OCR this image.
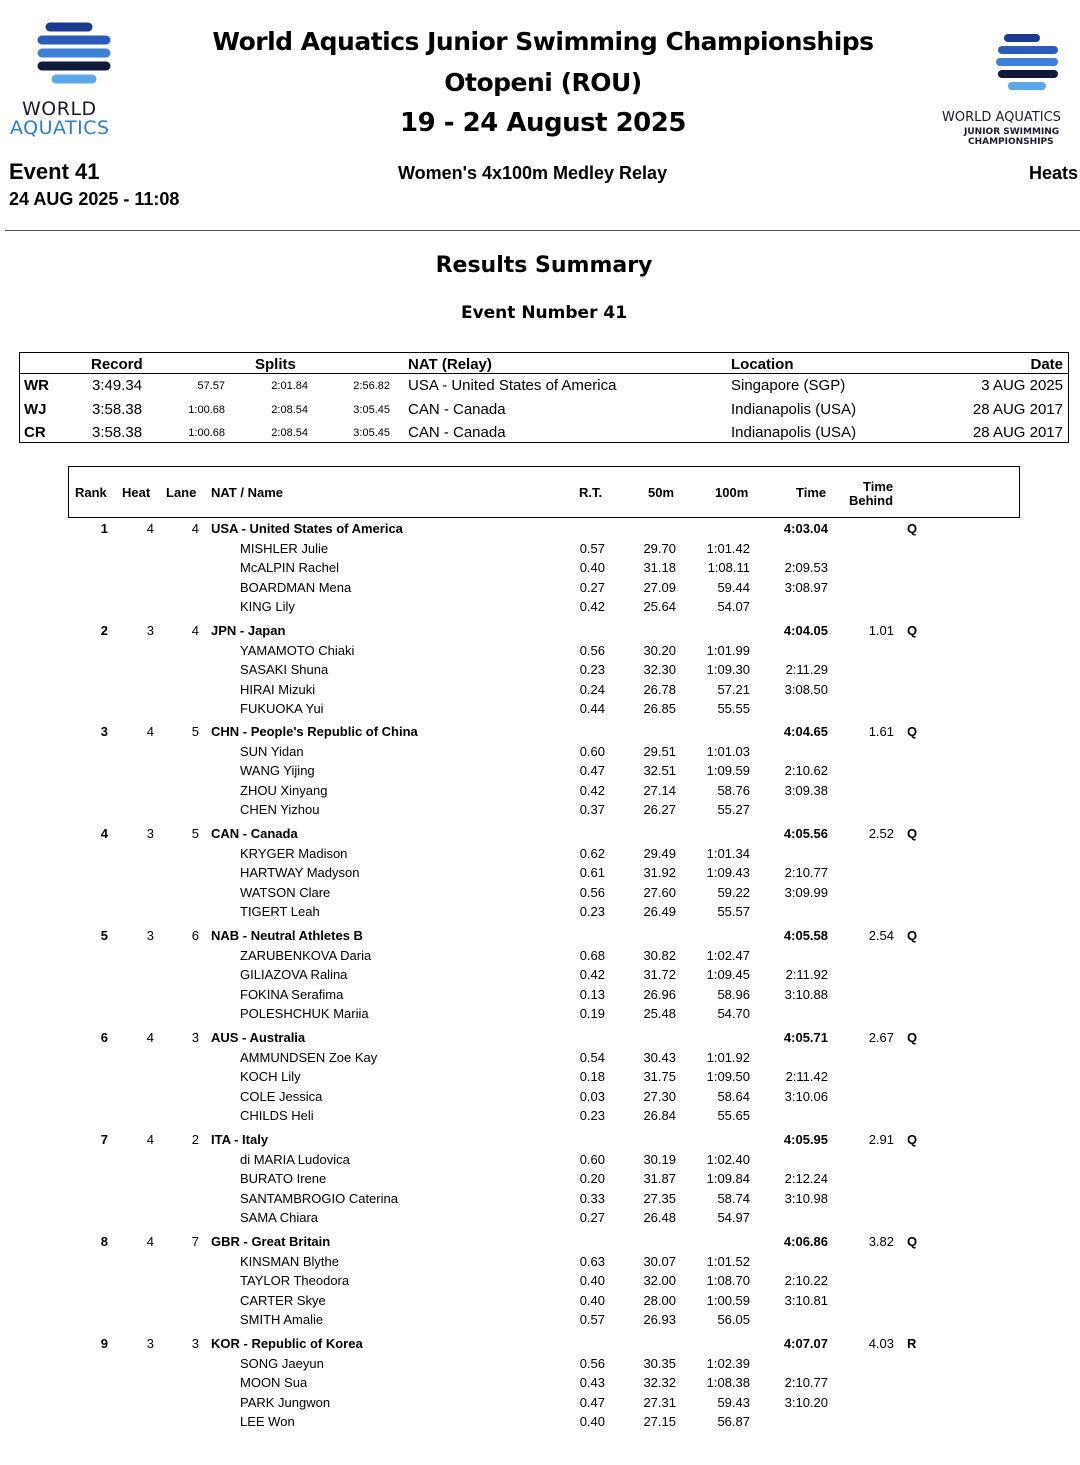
WORLD
AQUATICS
World Aquatics Junior Swimming Championships
Otopeni (ROU)
19 - 24 August 2025	WORLD AQUATICS
JUNIOR SWIMMING
CHAMPIONSHIPS
Event 41
24 AUG 2025 - 11:08
Women's 4x100m Medley Relay	Heats
Results Summary
Event Number 41
Record	Splits	NAT (Relay)	Location	Date
WR	3:49.34	57.57	2:01.84	2:56.82 USA - United States of America	Singapore (SGP)	3 AUG 2025
WJ	3:58.38	1:00.68	2:08.54	3:05.45 CAN - Canada	Indianapolis (USA)	28 AUG 2017
CR	3:58.38	1:00.68	2:08.54	3:05.45 CAN - Canada	Indianapolis (USA)	28 AUG 2017
Rank Heat Lane NAT / Name	R.T.	50m	100m	Time	Time
Behind
1	4	4 USA - United States of America	4:03.04	Q
MISHLER Julie	0.57	29.70 1:01.42
McALPIN Rachel	0.40	31.18 1:08.11	2:09.53
BOARDMAN Mena	0.27	27.09	59.44	3:08.97
KING Lily	0.42	25.64	54.07
2	3	4 JPN - Japan	4:04.05	1.01 Q
YAMAMOTO Chiaki	0.56	30.20 1:01.99
SASAKI Shuna	0.23	32.30 1:09.30	2:11.29
HIRAI Mizuki	0.24	26.78	57.21	3:08.50
FUKUOKA Yui	0.44	26.85	55.55
3	4	5 CHN - People's Republic of China	4:04.65	1.61 Q
SUN Yidan	0.60	29.51 1:01.03
WANG Yijing	0.47	32.51 1:09.59	2:10.62
ZHOU Xinyang	0.42	27.14	58.76	3:09.38
CHEN Yizhou	0.37	26.27	55.27
4	3	5 CAN - Canada	4:05.56	2.52 Q
KRYGER Madison	0.62	29.49 1:01.34
HARTWAY Madyson	0.61	31.92 1:09.43	2:10.77
WATSON Clare	0.56	27.60	59.22	3:09.99
TIGERT Leah	0.23	26.49	55.57
5	3	6 NAB - Neutral Athletes B	4:05.58	2.54 Q
ZARUBENKOVA Daria	0.68	30.82 1:02.47
GILIAZOVA Ralina	0.42	31.72 1:09.45	2:11.92
FOKINA Serafima	0.13	26.96	58.96	3:10.88
POLESHCHUK Mariia	0.19	25.48	54.70
6	4	3 AUS - Australia	4:05.71	2.67 Q
AMMUNDSEN Zoe Kay	0.54	30.43 1:01.92
KOCH Lily	0.18	31.75 1:09.50	2:11.42
COLE Jessica	0.03	27.30	58.64	3:10.06
CHILDS Heli	0.23	26.84	55.65
7	4	2 ITA - Italy	4:05.95	2.91 Q
di MARIA Ludovica	0.60	30.19 1:02.40
BURATO Irene	0.20	31.87 1:09.84	2:12.24
SANTAMBROGIO Caterina	0.33	27.35	58.74	3:10.98
SAMA Chiara	0.27	26.48	54.97
8	4	7 GBR - Great Britain	4:06.86	3.82 Q
KINSMAN Blythe	0.63	30.07 1:01.52
TAYLOR Theodora	0.40	32.00 1:08.70	2:10.22
CARTER Skye	0.40	28.00 1:00.59	3:10.81
SMITH Amalie	0.57	26.93	56.05
9	3	3 KOR - Republic of Korea	4:07.07	4.03 R
SONG Jaeyun	0.56	30.35 1:02.39
MOON Sua	0.43	32.32 1:08.38	2:10.77
PARK Jungwon	0.47	27.31	59.43	3:10.20
LEE Won	0.40	27.15	56.87
